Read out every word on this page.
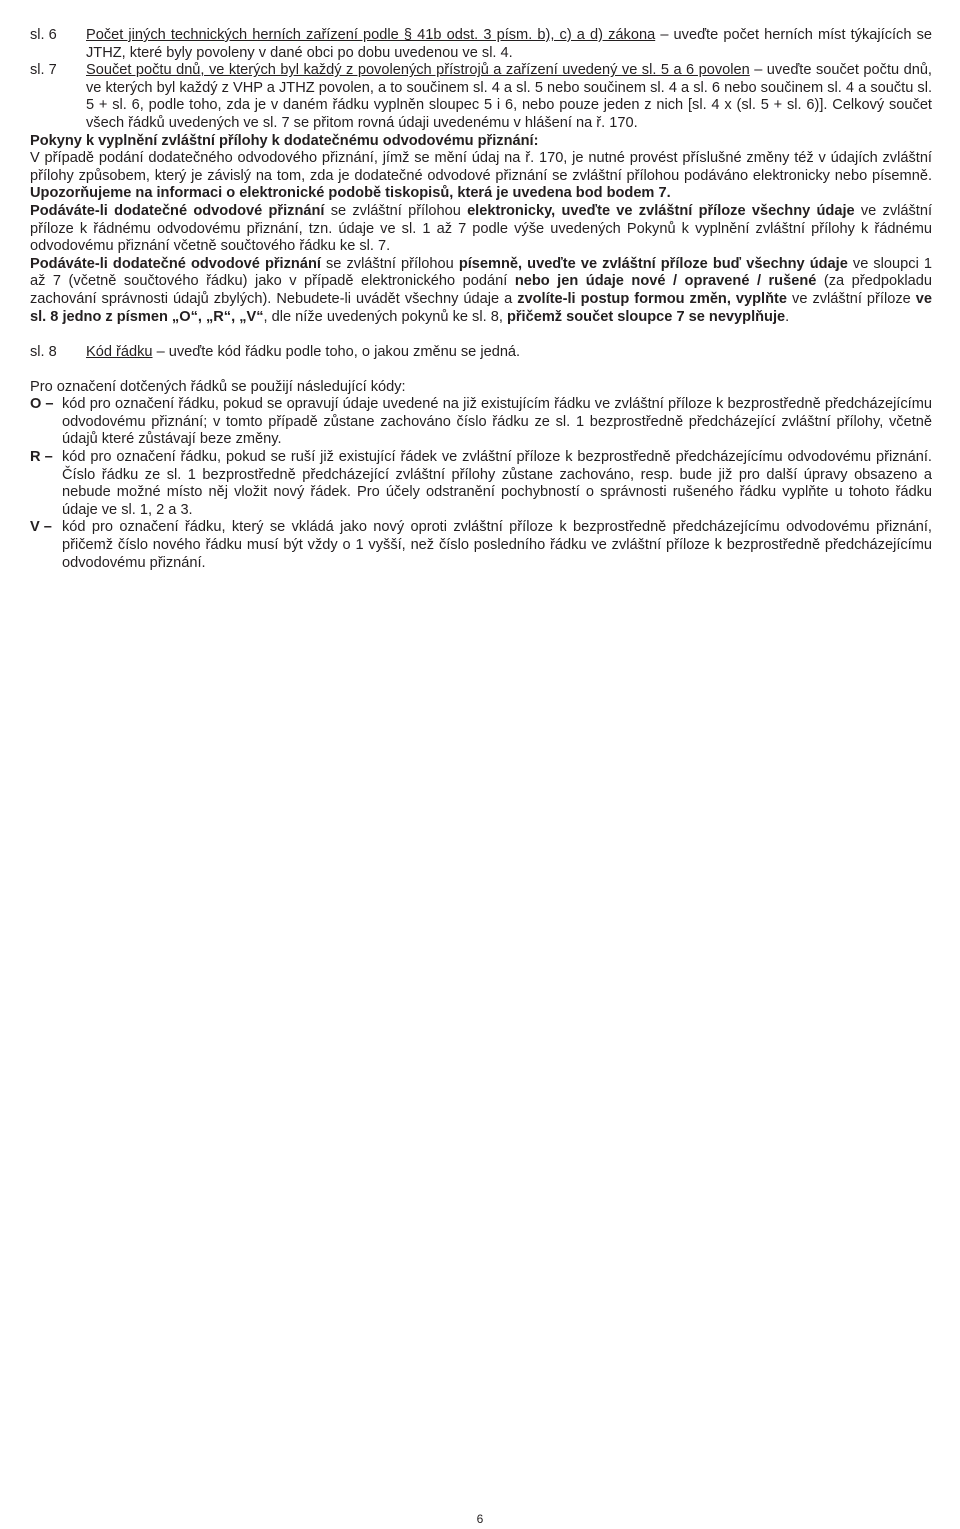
sl. 6	Počet jiných technických herních zařízení podle § 41b odst. 3 písm. b), c) a d) zákona – uveďte počet herních míst týkajících se JTHZ, které byly povoleny v dané obci po dobu uvedenou ve sl. 4.
sl. 7	Součet počtu dnů, ve kterých byl každý z povolených přístrojů a zařízení uvedený ve sl. 5 a 6 povolen – uveďte součet počtu dnů, ve kterých byl každý z VHP a JTHZ povolen, a to součinem sl. 4 a sl. 5 nebo součinem sl. 4 a sl. 6 nebo součinem sl. 4 a součtu sl. 5 + sl. 6, podle toho, zda je v daném řádku vyplněn sloupec 5 i 6, nebo pouze jeden z nich [sl. 4 x (sl. 5 + sl. 6)]. Celkový součet všech řádků uvedených ve sl. 7 se přitom rovná údaji uvedenému v hlášení na ř. 170.
Pokyny k vyplnění zvláštní přílohy k dodatečnému odvodovému přiznání:
V případě podání dodatečného odvodového přiznání, jímž se mění údaj na ř. 170, je nutné provést příslušné změny též v údajích zvláštní přílohy způsobem, který je závislý na tom, zda je dodatečné odvodové přiznání se zvláštní přílohou podáváno elektronicky nebo písemně. Upozorňujeme na informaci o elektronické podobě tiskopisů, která je uvedena bod bodem 7.
Podáváte-li dodatečné odvodové přiznání se zvláštní přílohou elektronicky, uveďte ve zvláštní příloze všechny údaje ve zvláštní příloze k řádnému odvodovému přiznání, tzn. údaje ve sl. 1 až 7 podle výše uvedených Pokynů k vyplnění zvláštní přílohy k řádnému odvodovému přiznání včetně součtového řádku ke sl. 7.
Podáváte-li dodatečné odvodové přiznání se zvláštní přílohou písemně, uveďte ve zvláštní příloze buď všechny údaje ve sloupci 1 až 7 (včetně součtového řádku) jako v případě elektronického podání nebo jen údaje nové / opravené / rušené (za předpokladu zachování správnosti údajů zbylých). Nebudete-li uvádět všechny údaje a zvolíte-li postup formou změn, vyplňte ve zvláštní příloze ve sl. 8 jedno z písmen „O“, „R“, „V“, dle níže uvedených pokynů ke sl. 8, přičemž součet sloupce 7 se nevyplňuje.
sl. 8	Kód řádku – uveďte kód řádku podle toho, o jakou změnu se jedná.
Pro označení dotčených řádků se použijí následující kódy:
O – kód pro označení řádku, pokud se opravují údaje uvedené na již existujícím řádku ve zvláštní příloze k bezprostředně předcházejícímu odvodovému přiznání; v tomto případě zůstane zachováno číslo řádku ze sl. 1 bezprostředně předcházející zvláštní přílohy, včetně údajů které zůstávají beze změny.
R – kód pro označení řádku, pokud se ruší již existující řádek ve zvláštní příloze k bezprostředně předcházejícímu odvodovému přiznání. Číslo řádku ze sl. 1 bezprostředně předcházející zvláštní přílohy zůstane zachováno, resp. bude již pro další úpravy obsazeno a nebude možné místo něj vložit nový řádek. Pro účely odstranění pochybností o správnosti rušeného řádku vyplňte u tohoto řádku údaje ve sl. 1, 2 a 3.
V – kód pro označení řádku, který se vkládá jako nový oproti zvláštní příloze k bezprostředně předcházejícímu odvodovému přiznání, přičemž číslo nového řádku musí být vždy o 1 vyšší, než číslo posledního řádku ve zvláštní příloze k bezprostředně předcházejícímu odvodovému přiznání.
6
